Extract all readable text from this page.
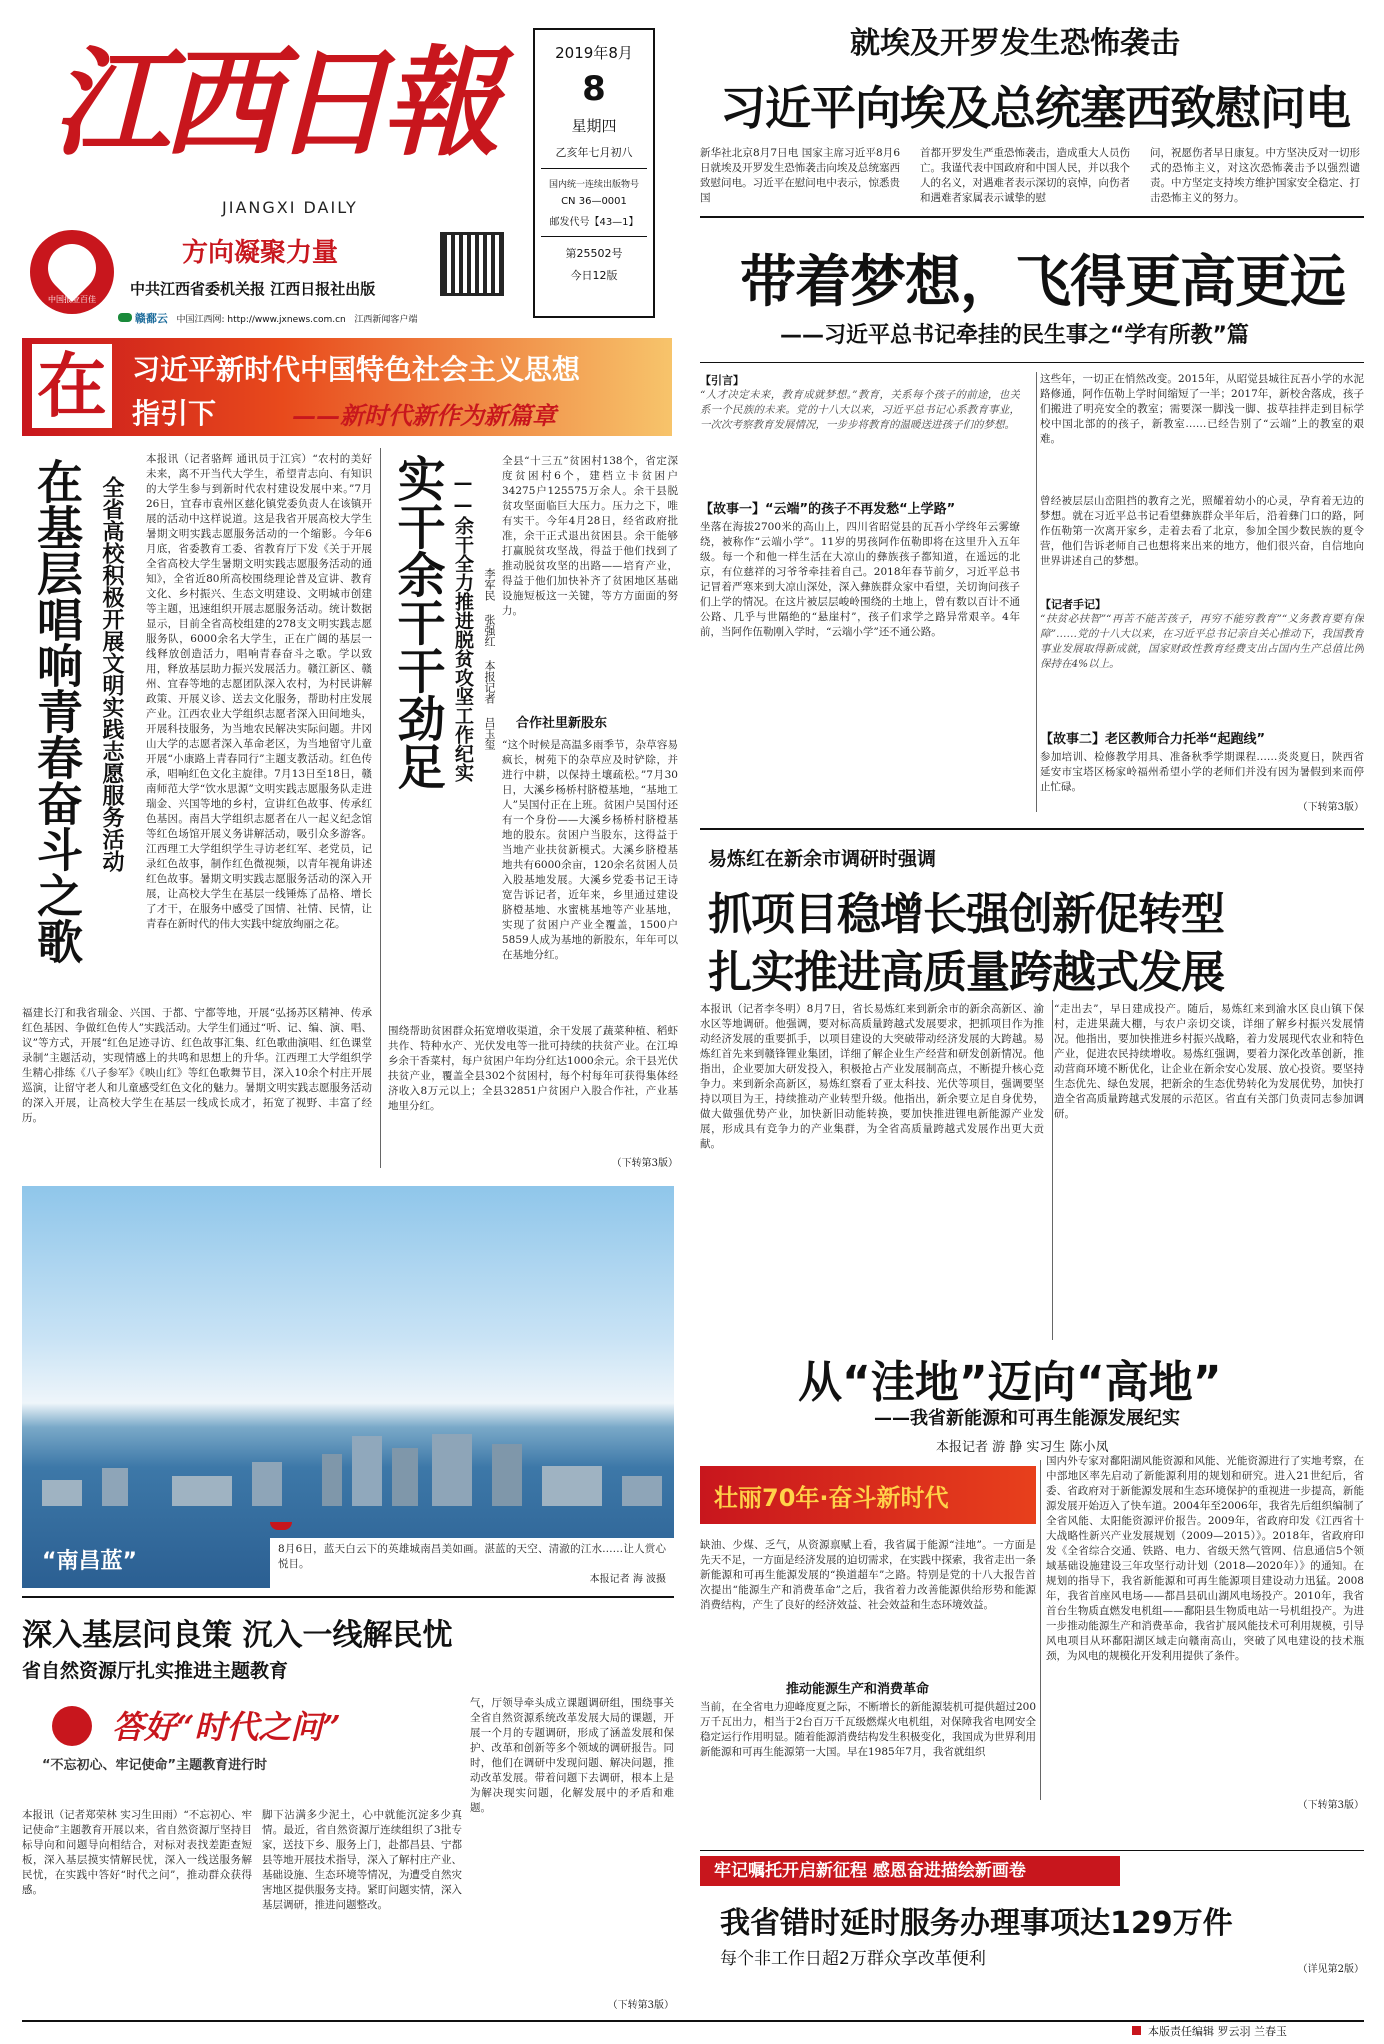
江西日報
JIANGXI DAILY
方向凝聚力量
中国报业百佳
中共江西省委机关报 江西日报社出版
赣鄱云 中国江西网: http://www.jxnews.com.cn 江西新闻客户端
2019年8月
8
星期四
乙亥年七月初八
国内统一连续出版物号
CN 36—0001
邮发代号【43—1】
第25502号
今日12版
就埃及开罗发生恐怖袭击
习近平向埃及总统塞西致慰问电
新华社北京8月7日电 国家主席习近平8月6日就埃及开罗发生恐怖袭击向埃及总统塞西致慰问电。习近平在慰问电中表示，惊悉贵国
首都开罗发生严重恐怖袭击，造成重大人员伤亡。我谨代表中国政府和中国人民，并以我个人的名义，对遇难者表示深切的哀悼，向伤者和遇难者家属表示诚挚的慰
问，祝愿伤者早日康复。中方坚决反对一切形式的恐怖主义，对这次恐怖袭击予以强烈谴责。中方坚定支持埃方维护国家安全稳定、打击恐怖主义的努力。
带着梦想，飞得更高更远
——习近平总书记牵挂的民生事之“学有所教”篇
【引言】
“人才决定未来，教育成就梦想。”教育，关系每个孩子的前途，也关系一个民族的未来。党的十八大以来，习近平总书记心系教育事业，一次次考察教育发展情况，一步步将教育的温暖送进孩子们的梦想。
【故事一】“云端”的孩子不再发愁“上学路”
坐落在海拔2700米的高山上，四川省昭觉县的瓦吾小学终年云雾缭绕，被称作“云端小学”。11岁的男孩阿作伍勒即将在这里升入五年级。每一个和他一样生活在大凉山的彝族孩子都知道，在遥远的北京，有位慈祥的习爷爷牵挂着自己。2018年春节前夕，习近平总书记冒着严寒来到大凉山深处，深入彝族群众家中看望，关切询问孩子们上学的情况。在这片被层层峻岭围绕的土地上，曾有数以百计不通公路、几乎与世隔绝的“悬崖村”，孩子们求学之路异常艰辛。4年前，当阿作伍勒刚入学时，“云端小学”还不通公路。
这些年，一切正在悄然改变。2015年，从昭觉县城往瓦吾小学的水泥路修通，阿作伍勒上学时间缩短了一半；2017年，新校舍落成，孩子们搬进了明亮安全的教室；需要深一脚浅一脚、拔草挂拌走到目标学校中国北部的的孩子，新教室……已经告别了“云端”上的教室的艰难。
曾经被层层山峦阻挡的教育之光，照耀着幼小的心灵，孕育着无边的梦想。就在习近平总书记看望彝族群众半年后，沿着彝门口的路，阿作伍勒第一次离开家乡，走着去看了北京，参加全国少数民族的夏令营，他们告诉老师自己也想将来出来的地方，他们很兴奋，自信地向世界讲述自己的梦想。
【记者手记】
“扶贫必扶智”“再苦不能苦孩子，再穷不能穷教育”“义务教育要有保障”……党的十八大以来，在习近平总书记亲自关心推动下，我国教育事业发展取得新成就，国家财政性教育经费支出占国内生产总值比例保持在4%以上。
【故事二】老区教师合力托举“起跑线”
参加培训、检修教学用具、准备秋季学期课程……炎炎夏日，陕西省延安市宝塔区杨家岭福州希望小学的老师们并没有因为暑假到来而停止忙碌。
（下转第3版）
在 习近平新时代中国特色社会主义思想
指引下	——新时代新作为新篇章
在基层唱响青春奋斗之歌 全省高校积极开展文明实践志愿服务活动
本报讯（记者骆辉 通讯员于江宾）“农村的美好未来，离不开当代大学生，希望青志向、有知识的大学生参与到新时代农村建设发展中来。”7月26日，宜春市袁州区慈化镇党委负责人在该镇开展的活动中这样说道。这是我省开展高校大学生暑期文明实践志愿服务活动的一个缩影。今年6月底，省委教育工委、省教育厅下发《关于开展全省高校大学生暑期文明实践志愿服务活动的通知》，全省近80所高校围绕理论普及宣讲、教育文化、乡村振兴、生态文明建设、文明城市创建等主题，迅速组织开展志愿服务活动。统计数据显示，目前全省高校组建的278支文明实践志愿服务队，6000余名大学生，正在广阔的基层一线释放创造活力，唱响青春奋斗之歌。学以致用，释放基层助力振兴发展活力。赣江新区、赣州、宜春等地的志愿团队深入农村，为村民讲解政策、开展义诊、送去文化服务，帮助村庄发展产业。江西农业大学组织志愿者深入田间地头，开展科技服务，为当地农民解决实际问题。井冈山大学的志愿者深入革命老区，为当地留守儿童开展“小康路上青春同行”主题支教活动。红色传承，唱响红色文化主旋律。7月13日至18日，赣南师范大学“饮水思源”文明实践志愿服务队走进瑞金、兴国等地的乡村，宣讲红色故事、传承红色基因。南昌大学组织志愿者在八一起义纪念馆等红色场馆开展义务讲解活动，吸引众多游客。江西理工大学组织学生寻访老红军、老党员，记录红色故事，制作红色微视频，以青年视角讲述红色故事。暑期文明实践志愿服务活动的深入开展，让高校大学生在基层一线锤炼了品格、增长了才干，在服务中感受了国情、社情、民情，让青春在新时代的伟大实践中绽放绚丽之花。
福建长汀和我省瑞金、兴国、于都、宁都等地，开展“弘扬苏区精神、传承红色基因、争做红色传人”实践活动。大学生们通过“听、记、编、演、唱、议”等方式，开展“红色足迹寻访、红色故事汇集、红色歌曲演唱、红色课堂录制”主题活动，实现情感上的共鸣和思想上的升华。江西理工大学组织学生精心排练《八子参军》《映山红》等红色歌舞节目，深入10余个村庄开展巡演，让留守老人和儿童感受红色文化的魅力。暑期文明实践志愿服务活动的深入开展，让高校大学生在基层一线成长成才，拓宽了视野、丰富了经历。
实干余干干劲足 ——余干全力推进脱贫攻坚工作纪实 李军民 张强红 本报记者 吕玉玺
全县“十三五”贫困村138个，省定深度贫困村6个，建档立卡贫困户34275户125575万余人。余干县脱贫攻坚面临巨大压力。压力之下，唯有实干。今年4月28日，经省政府批准，余干正式退出贫困县。余干能够打赢脱贫攻坚战，得益于他们找到了推动脱贫攻坚的出路——培育产业，得益于他们加快补齐了贫困地区基础设施短板这一关键，等方方面面的努力。
合作社里新股东
“这个时候是高温多雨季节，杂草容易疯长，树苑下的杂草应及时铲除，并进行中耕，以保持土壤疏松。”7月30日，大溪乡杨桥村脐橙基地，“基地工人”吴国付正在上班。贫困户吴国付还有一个身份——大溪乡杨桥村脐橙基地的股东。贫困户当股东，这得益于当地产业扶贫新模式。大溪乡脐橙基地共有6000余亩，120余名贫困人员入股基地发展。大溪乡党委书记王诗宽告诉记者，近年来，乡里通过建设脐橙基地、水蜜桃基地等产业基地，实现了贫困户产业全覆盖，1500户5859人成为基地的新股东，年年可以在基地分红。
围绕帮助贫困群众拓宽增收渠道，余干发展了蔬菜种植、稻虾共作、特种水产、光伏发电等一批可持续的扶贫产业。在江埠乡余干香菜村，每户贫困户年均分红达1000余元。余干县光伏扶贫产业，覆盖全县302个贫困村，每个村每年可获得集体经济收入8万元以上；全县32851户贫困户入股合作社，产业基地里分红。
（下转第3版）
“南昌蓝”	8月6日，蓝天白云下的英雄城南昌美如画。湛蓝的天空、清澈的江水……让人赏心悦目。
本报记者 海 波摄
易炼红在新余市调研时强调
抓项目稳增长强创新促转型
扎实推进高质量跨越式发展
本报讯（记者李冬明）8月7日，省长易炼红来到新余市的新余高新区、渝水区等地调研。他强调，要对标高质量跨越式发展要求，把抓项目作为推动经济发展的重要抓手，以项目建设的大突破带动经济发展的大跨越。易炼红首先来到赣锋锂业集团，详细了解企业生产经营和研发创新情况。他指出，企业要加大研发投入，积极抢占产业发展制高点，不断提升核心竞争力。来到新余高新区，易炼红察看了亚太科技、光伏等项目，强调要坚持以项目为王，持续推动产业转型升级。他指出，新余要立足自身优势，做大做强优势产业，加快新旧动能转换，要加快推进锂电新能源产业发展，形成具有竞争力的产业集群，为全省高质量跨越式发展作出更大贡献。
“走出去”，早日建成投产。随后，易炼红来到渝水区良山镇下保村，走进果蔬大棚，与农户亲切交谈，详细了解乡村振兴发展情况。他指出，要加快推进乡村振兴战略，着力发展现代农业和特色产业，促进农民持续增收。易炼红强调，要着力深化改革创新，推动营商环境不断优化，让企业在新余安心发展、放心投资。要坚持生态优先、绿色发展，把新余的生态优势转化为发展优势，加快打造全省高质量跨越式发展的示范区。省直有关部门负责同志参加调研。
从“洼地”迈向“高地”
——我省新能源和可再生能源发展纪实
本报记者 游 静 实习生 陈小凤
壮丽70年·奋斗新时代
缺油、少煤、乏气，从资源禀赋上看，我省属于能源“洼地”。一方面是先天不足，一方面是经济发展的迫切需求，在实践中探索，我省走出一条新能源和可再生能源发展的“换道超车”之路。特别是党的十八大报告首次提出“能源生产和消费革命”之后，我省着力改善能源供给形势和能源消费结构，产生了良好的经济效益、社会效益和生态环境效益。
推动能源生产和消费革命
当前，在全省电力迎峰度夏之际，不断增长的新能源装机可提供超过200万千瓦出力，相当于2台百万千瓦级燃煤火电机组，对保障我省电网安全稳定运行作用明显。随着能源消费结构发生积极变化，我国成为世界利用新能源和可再生能源第一大国。早在1985年7月，我省就组织
国内外专家对鄱阳湖风能资源和风能、光能资源进行了实地考察，在中部地区率先启动了新能源利用的规划和研究。进入21世纪后，省委、省政府对于新能源发展和生态环境保护的重视进一步提高，新能源发展开始迈入了快车道。2004年至2006年，我省先后组织编制了全省风能、太阳能资源评价报告。2009年，省政府印发《江西省十大战略性新兴产业发展规划（2009—2015）》。2018年，省政府印发《全省综合交通、铁路、电力、省级天然气管网、信息通信5个领域基础设施建设三年攻坚行动计划（2018—2020年）》的通知。在规划的指导下，我省新能源和可再生能源项目建设动力迅猛。2008年，我省首座风电场——都昌县矶山湖风电场投产。2010年，我省首台生物质直燃发电机组——鄱阳县生物质电站一号机组投产。为进一步推动能源生产和消费革命，我省扩展风能技术可利用规模，引导风电项目从环鄱阳湖区域走向赣南高山，突破了风电建设的技术瓶颈，为风电的规模化开发利用提供了条件。
（下转第3版）
深入基层问良策 沉入一线解民忧
省自然资源厅扎实推进主题教育
答好“时代之问”
“不忘初心、牢记使命”主题教育进行时
本报讯（记者郑荣林 实习生田雨）“不忘初心、牢记使命”主题教育开展以来，省自然资源厅坚持目标导向和问题导向相结合，对标对表找差距查短板，深入基层摸实情解民忧，深入一线送服务解民忧，在实践中答好“时代之问”，推动群众获得感。
脚下沾满多少泥土，心中就能沉淀多少真情。最近，省自然资源厅连续组织了3批专家，送技下乡、服务上门，赴都昌县、宁都县等地开展技术指导，深入了解村庄产业、基础设施、生态环境等情况，为遭受自然灾害地区提供服务支持。紧盯问题实情，深入基层调研，推进问题整改。
气，厅领导牵头成立课题调研组，围绕事关全省自然资源系统改革发展大局的课题，开展一个月的专题调研，形成了涵盖发展和保护、改革和创新等多个领域的调研报告。同时，他们在调研中发现问题、解决问题，推动改革发展。带着问题下去调研，根本上是为解决现实问题，化解发展中的矛盾和难题。
（下转第3版）
牢记嘱托开启新征程 感恩奋进描绘新画卷
我省错时延时服务办理事项达129万件
每个非工作日超2万群众享改革便利
（详见第2版）
本版责任编辑 罗云羽 兰春玉
